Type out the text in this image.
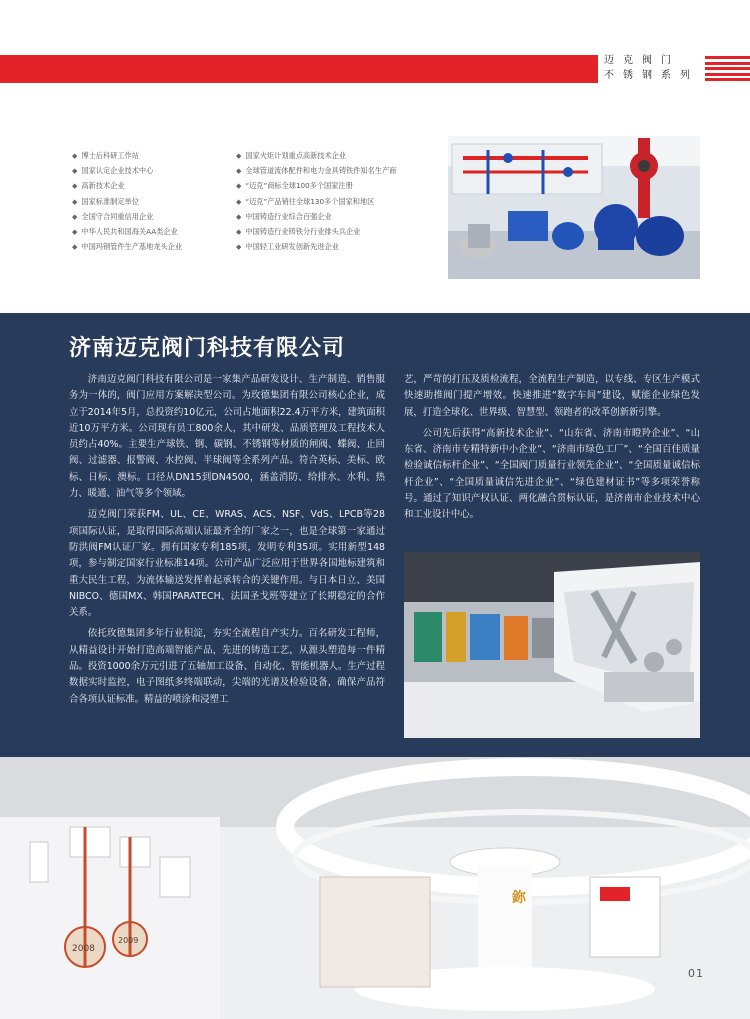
迈克阀门
不锈钢系列
◆ 博士后科研工作站
◆ 国家认定企业技术中心
◆ 高新技术企业
◆ 国家标准制定单位
◆ 全国守合同重信用企业
◆ 中华人民共和国海关AA类企业
◆ 中国玛钢管件生产基地龙头企业
◆ 国家火炬计划重点高新技术企业
◆ 全球管道流体配件和电力金具铸铁件知名生产商
◆ “迈克”商标全球100多个国家注册
◆ “迈克”产品销往全球130多个国家和地区
◆ 中国铸造行业综合百强企业
◆ 中国铸造行业铸铁分行业排头兵企业
◆ 中国轻工业研发创新先进企业
济南迈克阀门科技有限公司

济南迈克阀门科技有限公司是一家集产品研发设计、生产制造、销售服务为一体的，阀门应用方案解决型公司。为玫德集团有限公司核心企业，成立于2014年5月，总投资约10亿元，公司占地面积22.4万平方米，建筑面积近10万平方米。公司现有员工800余人，其中研发、品质管理及工程技术人员约占40%。主要生产球铁、钢、碳钢、不锈钢等材质的闸阀、蝶阀、止回阀、过滤器、报警阀、水控阀、半球阀等全系列产品。符合英标、美标、欧标、日标、澳标。口径从DN15到DN4500，涵盖消防、给排水、水利、热力、暖通、油气等多个领域。

迈克阀门荣获FM、UL、CE、WRAS、ACS、NSF、VdS、LPCB等28项国际认证，是取得国际高端认证最齐全的厂家之一，也是全球第一家通过防洪阀FM认证厂家。拥有国家专利185项，发明专利35项。实用新型148项，参与制定国家行业标准14项。公司产品广泛应用于世界各国地标建筑和重大民生工程，为流体输送发挥着起承转合的关键作用。与日本日立、美国NIBCO、德国MX、韩国PARATECH、法国圣戈班等建立了长期稳定的合作关系。

依托玫德集团多年行业积淀，夯实全流程自产实力。百名研发工程师，从精益设计开始打造高端智能产品，先进的铸造工艺，从源头塑造每一件精品。投资1000余万元引进了五轴加工设备、自动化、智能机器人。生产过程数据实时监控，电子图纸多终端联动，尖端的光谱及检验设备，确保产品符合各项认证标准。精益的喷涂和浸塑工

艺，严苛的打压及质检流程，全流程生产制造，以专线、专区生产模式快速助推阀门提产增效。快速推进“数字车间”建设，赋能企业绿色发展，打造全球化、世界级、智慧型、领跑者的改革创新新引擎。

公司先后获得“高新技术企业”、“山东省、济南市瞪羚企业”、“山东省、济南市专精特新中小企业”、“济南市绿色工厂”、“全国百佳质量检验诚信标杆企业”、“全国阀门质量行业领先企业”、“全国质量诚信标杆企业”、“全国质量诚信先进企业”、“绿色建材证书”等多项荣誉称号。通过了知识产权认证、两化融合贯标认证，是济南市企业技术中心和工业设计中心。

鉨
2008
2009
01
